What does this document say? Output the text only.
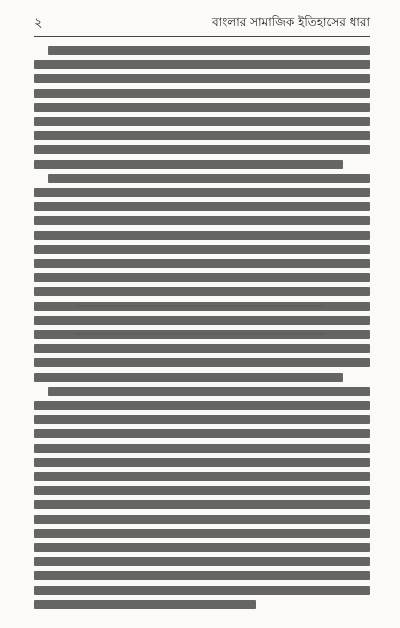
২	বাংলার সামাজিক ইতিহাসের ধারা
